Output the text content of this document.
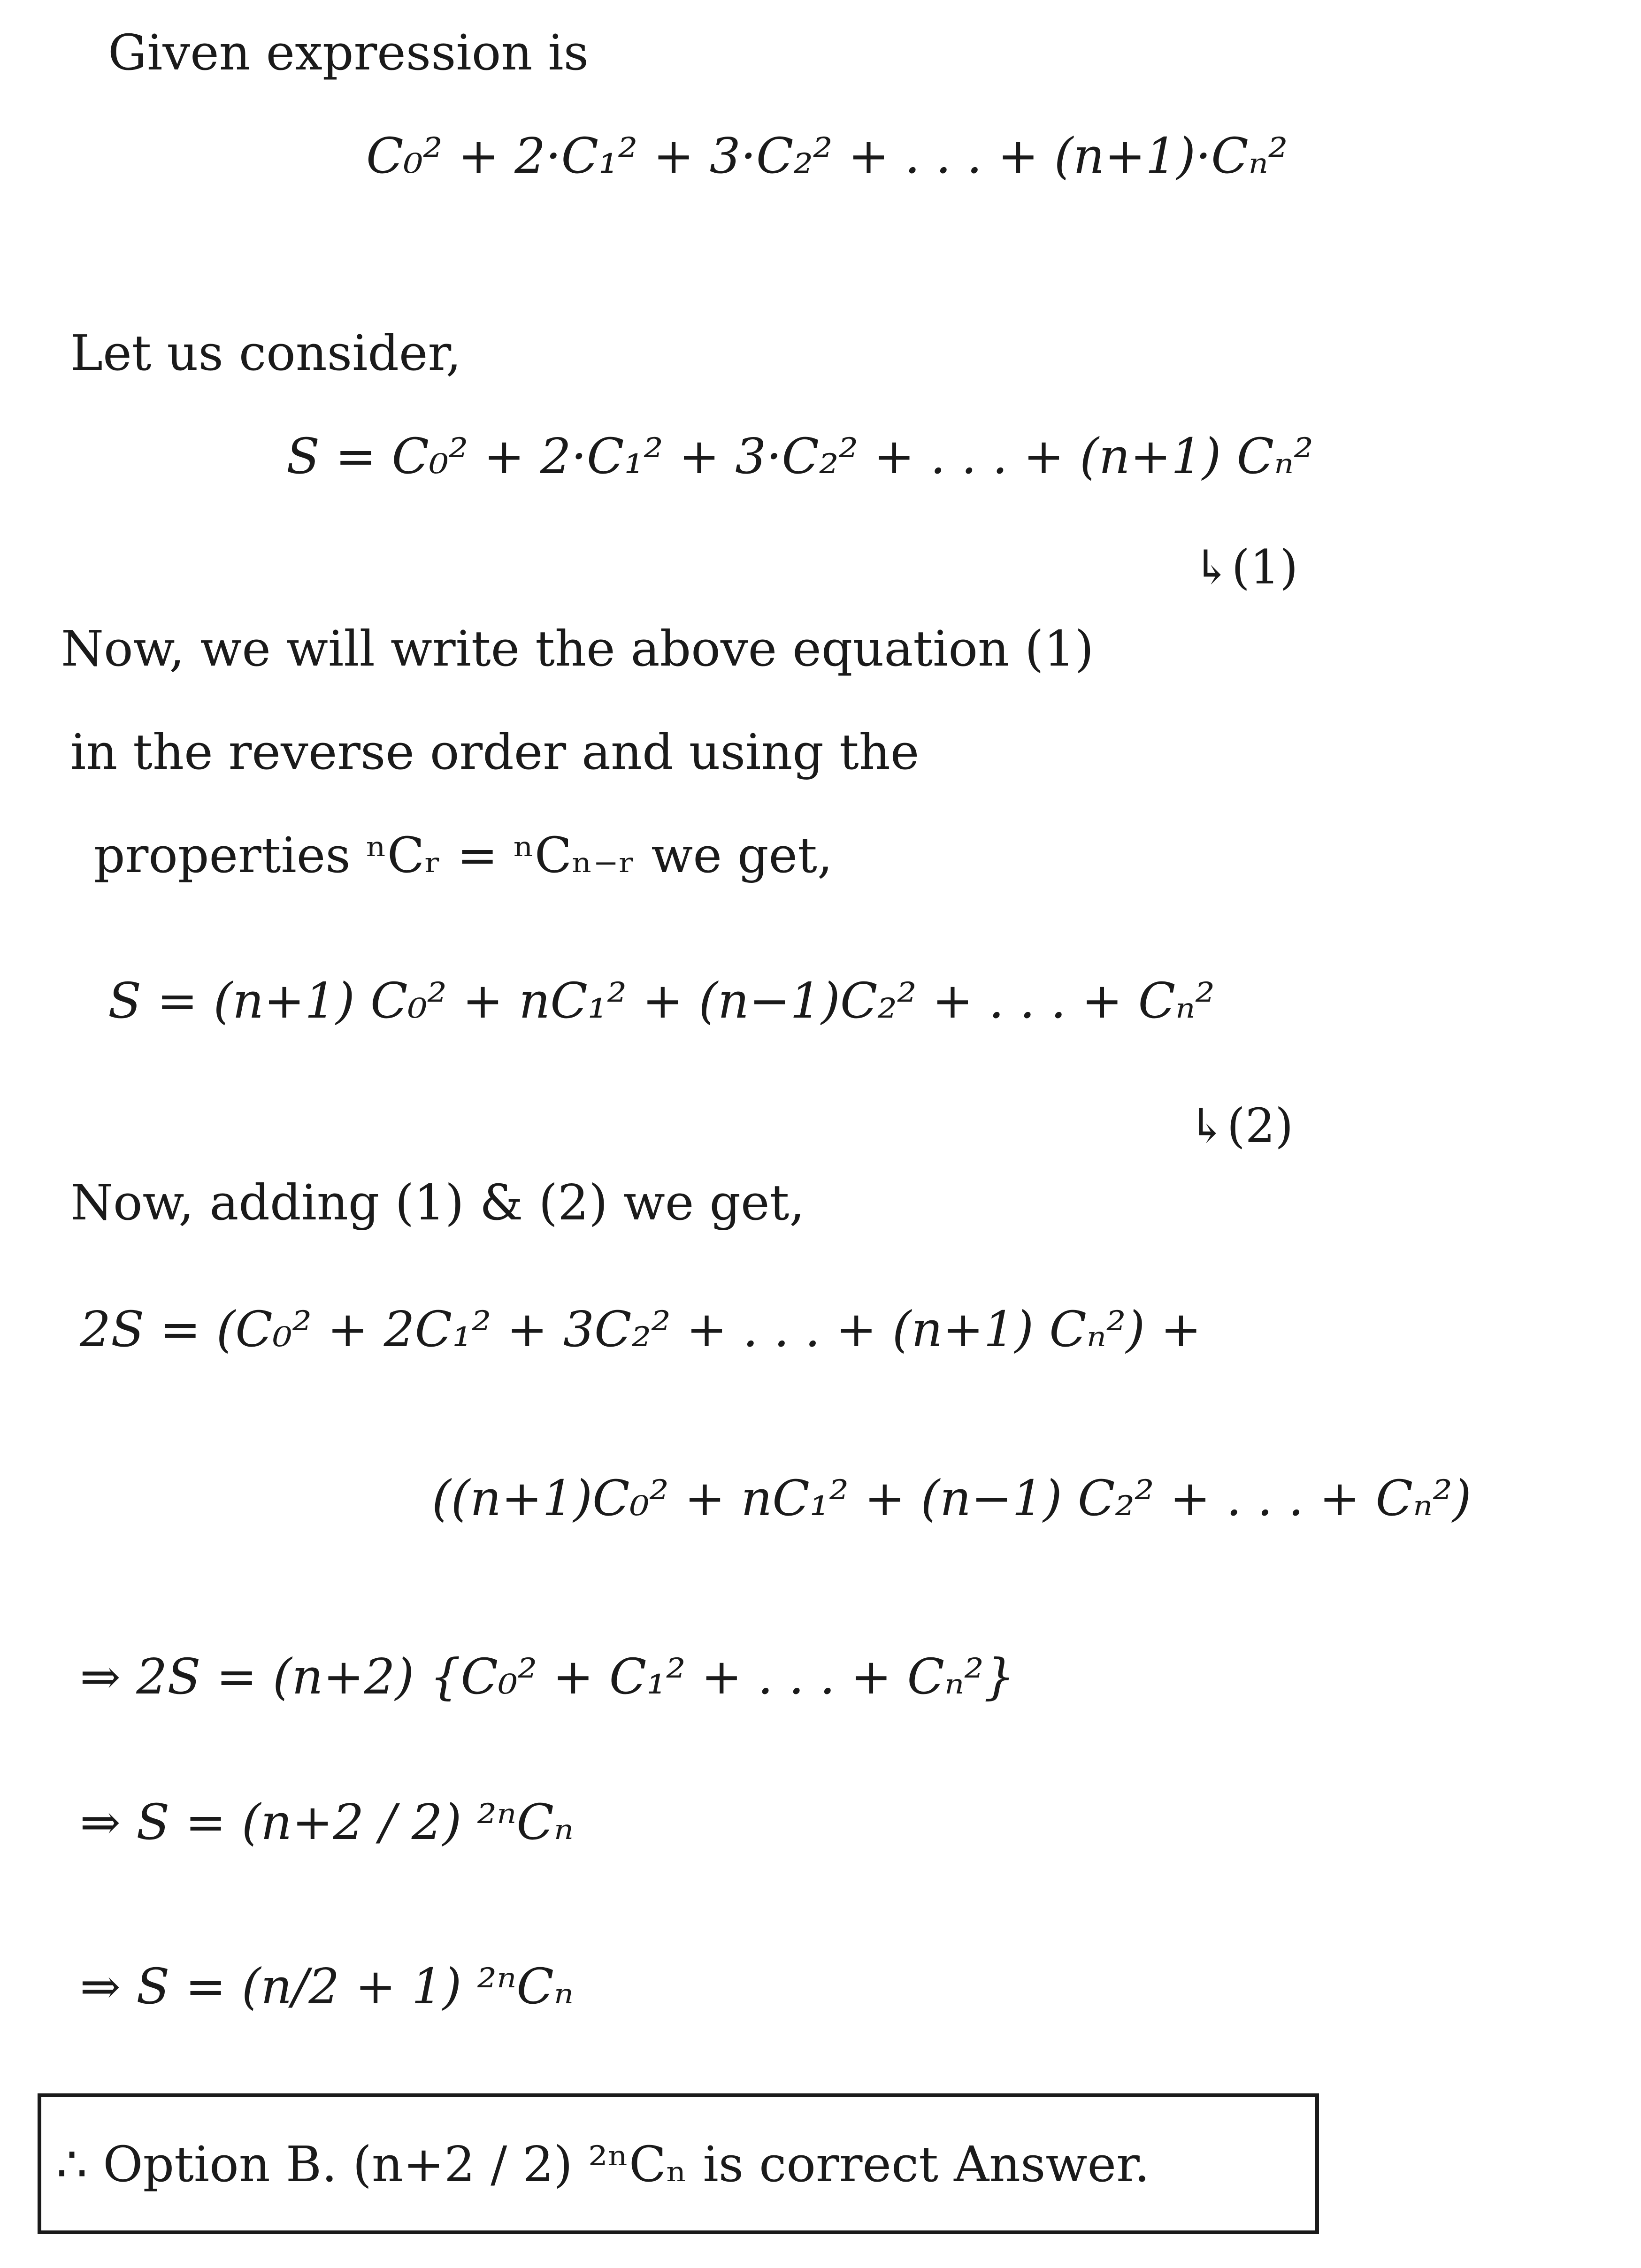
Given expression is
C₀² + 2·C₁² + 3·C₂² + . . . + (n+1)·Cₙ²
Let us consider,
S = C₀² + 2·C₁² + 3·C₂² + . . . + (n+1) Cₙ²
↳(1)
Now, we will write the above equation (1)
in the reverse order and using the
properties ⁿCᵣ = ⁿCₙ₋ᵣ we get,
S = (n+1) C₀² + nC₁² + (n−1)C₂² + . . . + Cₙ²
↳(2)
Now, adding (1) & (2) we get,
2S = (C₀² + 2C₁² + 3C₂² + . . . + (n+1) Cₙ²) +
((n+1)C₀² + nC₁² + (n−1) C₂² + . . . + Cₙ²)
⇒ 2S = (n+2) {C₀² + C₁² + . . . + Cₙ²}
⇒ S = (n+2 / 2) ²ⁿCₙ
⇒ S = (n/2 + 1) ²ⁿCₙ
∴ Option B. (n+2 / 2) ²ⁿCₙ is correct Answer.
